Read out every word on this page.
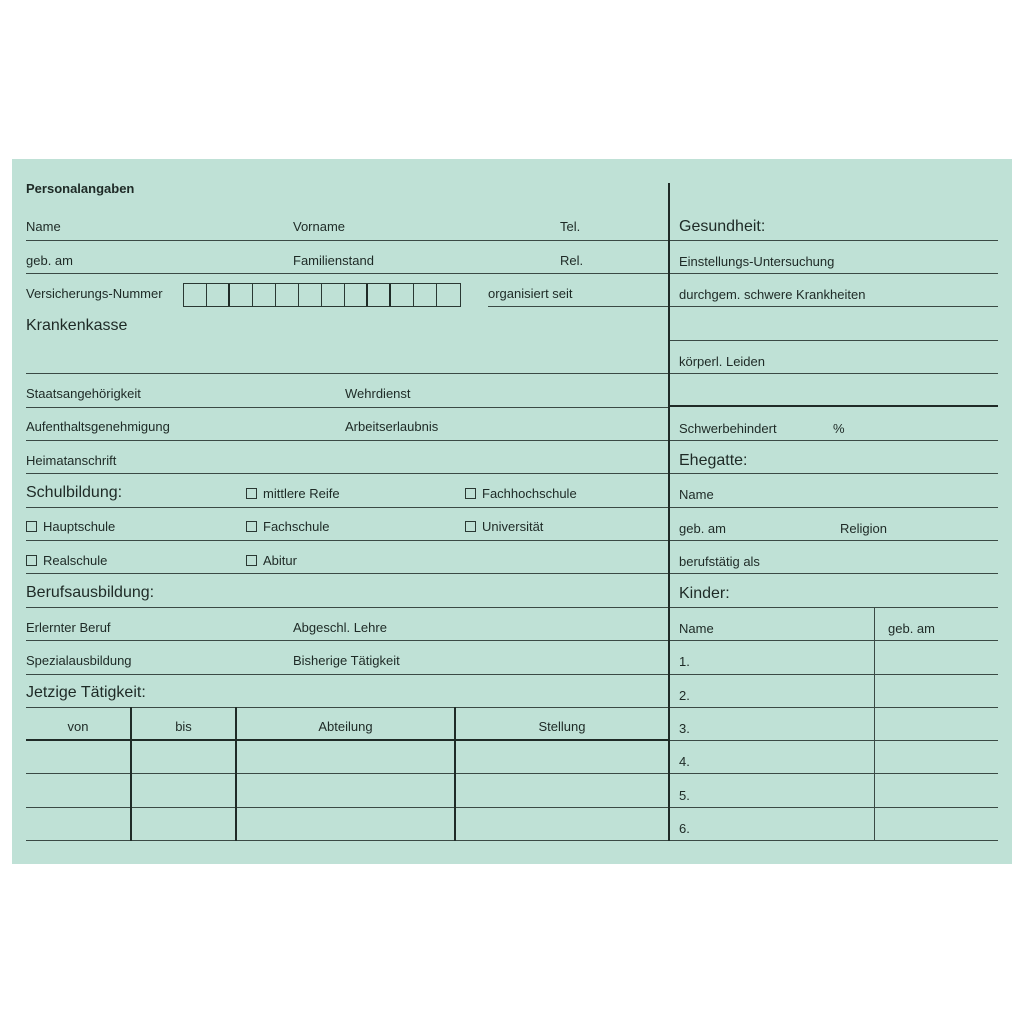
Personalangaben
Name	Vorname	Tel.
geb. am	Familienstand	Rel.
Versicherungs-Nummer	organisiert seit
Krankenkasse
Staatsangehörigkeit	Wehrdienst
Aufenthaltsgenehmigung	Arbeitserlaubnis
Heimatanschrift
Schulbildung:	mittlere Reife	Fachhochschule
Hauptschule	Fachschule	Universität
Realschule	Abitur
Berufsausbildung:
Erlernter Beruf	Abgeschl. Lehre
Spezialausbildung	Bisherige Tätigkeit
Jetzige Tätigkeit:
von	bis	Abteilung	Stellung
Gesundheit:
Einstellungs-Untersuchung
durchgem. schwere Krankheiten
körperl. Leiden
Schwerbehindert	%
Ehegatte:
Name
geb. am	Religion
berufstätig als
Kinder:
Name	geb. am
1.
2.
3.
4.
5.
6.
